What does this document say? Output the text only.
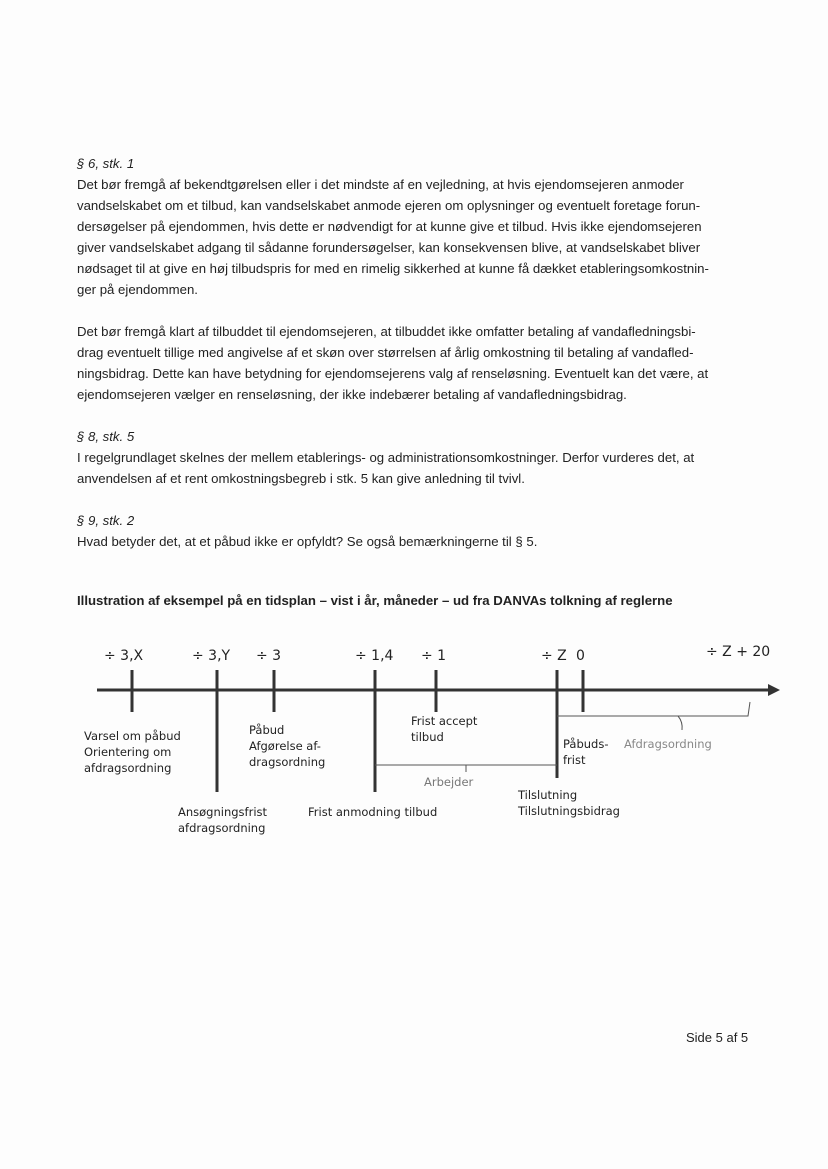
§ 6, stk. 1
Det bør fremgå af bekendtgørelsen eller i det mindste af en vejledning, at hvis ejendomsejeren anmoder
vandselskabet om et tilbud, kan vandselskabet anmode ejeren om oplysninger og eventuelt foretage forun-
dersøgelser på ejendommen, hvis dette er nødvendigt for at kunne give et tilbud. Hvis ikke ejendomsejeren
giver vandselskabet adgang til sådanne forundersøgelser, kan konsekvensen blive, at vandselskabet bliver
nødsaget til at give en høj tilbudspris for med en rimelig sikkerhed at kunne få dækket etableringsomkostnin-
ger på ejendommen.
Det bør fremgå klart af tilbuddet til ejendomsejeren, at tilbuddet ikke omfatter betaling af vandafledningsbi-
drag eventuelt tillige med angivelse af et skøn over størrelsen af årlig omkostning til betaling af vandafled-
ningsbidrag. Dette kan have betydning for ejendomsejerens valg af renseløsning. Eventuelt kan det være, at
ejendomsejeren vælger en renseløsning, der ikke indebærer betaling af vandafledningsbidrag.
§ 8, stk. 5
I regelgrundlaget skelnes der mellem etablerings- og administrationsomkostninger. Derfor vurderes det, at
anvendelsen af et rent omkostningsbegreb i stk. 5 kan give anledning til tvivl.
§ 9, stk. 2
Hvad betyder det, at et påbud ikke er opfyldt? Se også bemærkningerne til § 5.
Illustration af eksempel på en tidsplan – vist i år, måneder – ud fra DANVAs tolkning af reglerne
÷ 3,X	÷ 3,Y ÷ 3	÷ 1,4 ÷ 1	÷ Z 0	÷ Z + 20
Varsel om påbud
Orientering om
afdragsordning
Ansøgningsfrist
afdragsordning
Påbud
Afgørelse af-
dragsordning
Frist anmodning tilbud
Frist accept
tilbud
Arbejder
Tilslutning
Tilslutningsbidrag
Påbuds-
frist
Afdragsordning
Side 5 af 5
